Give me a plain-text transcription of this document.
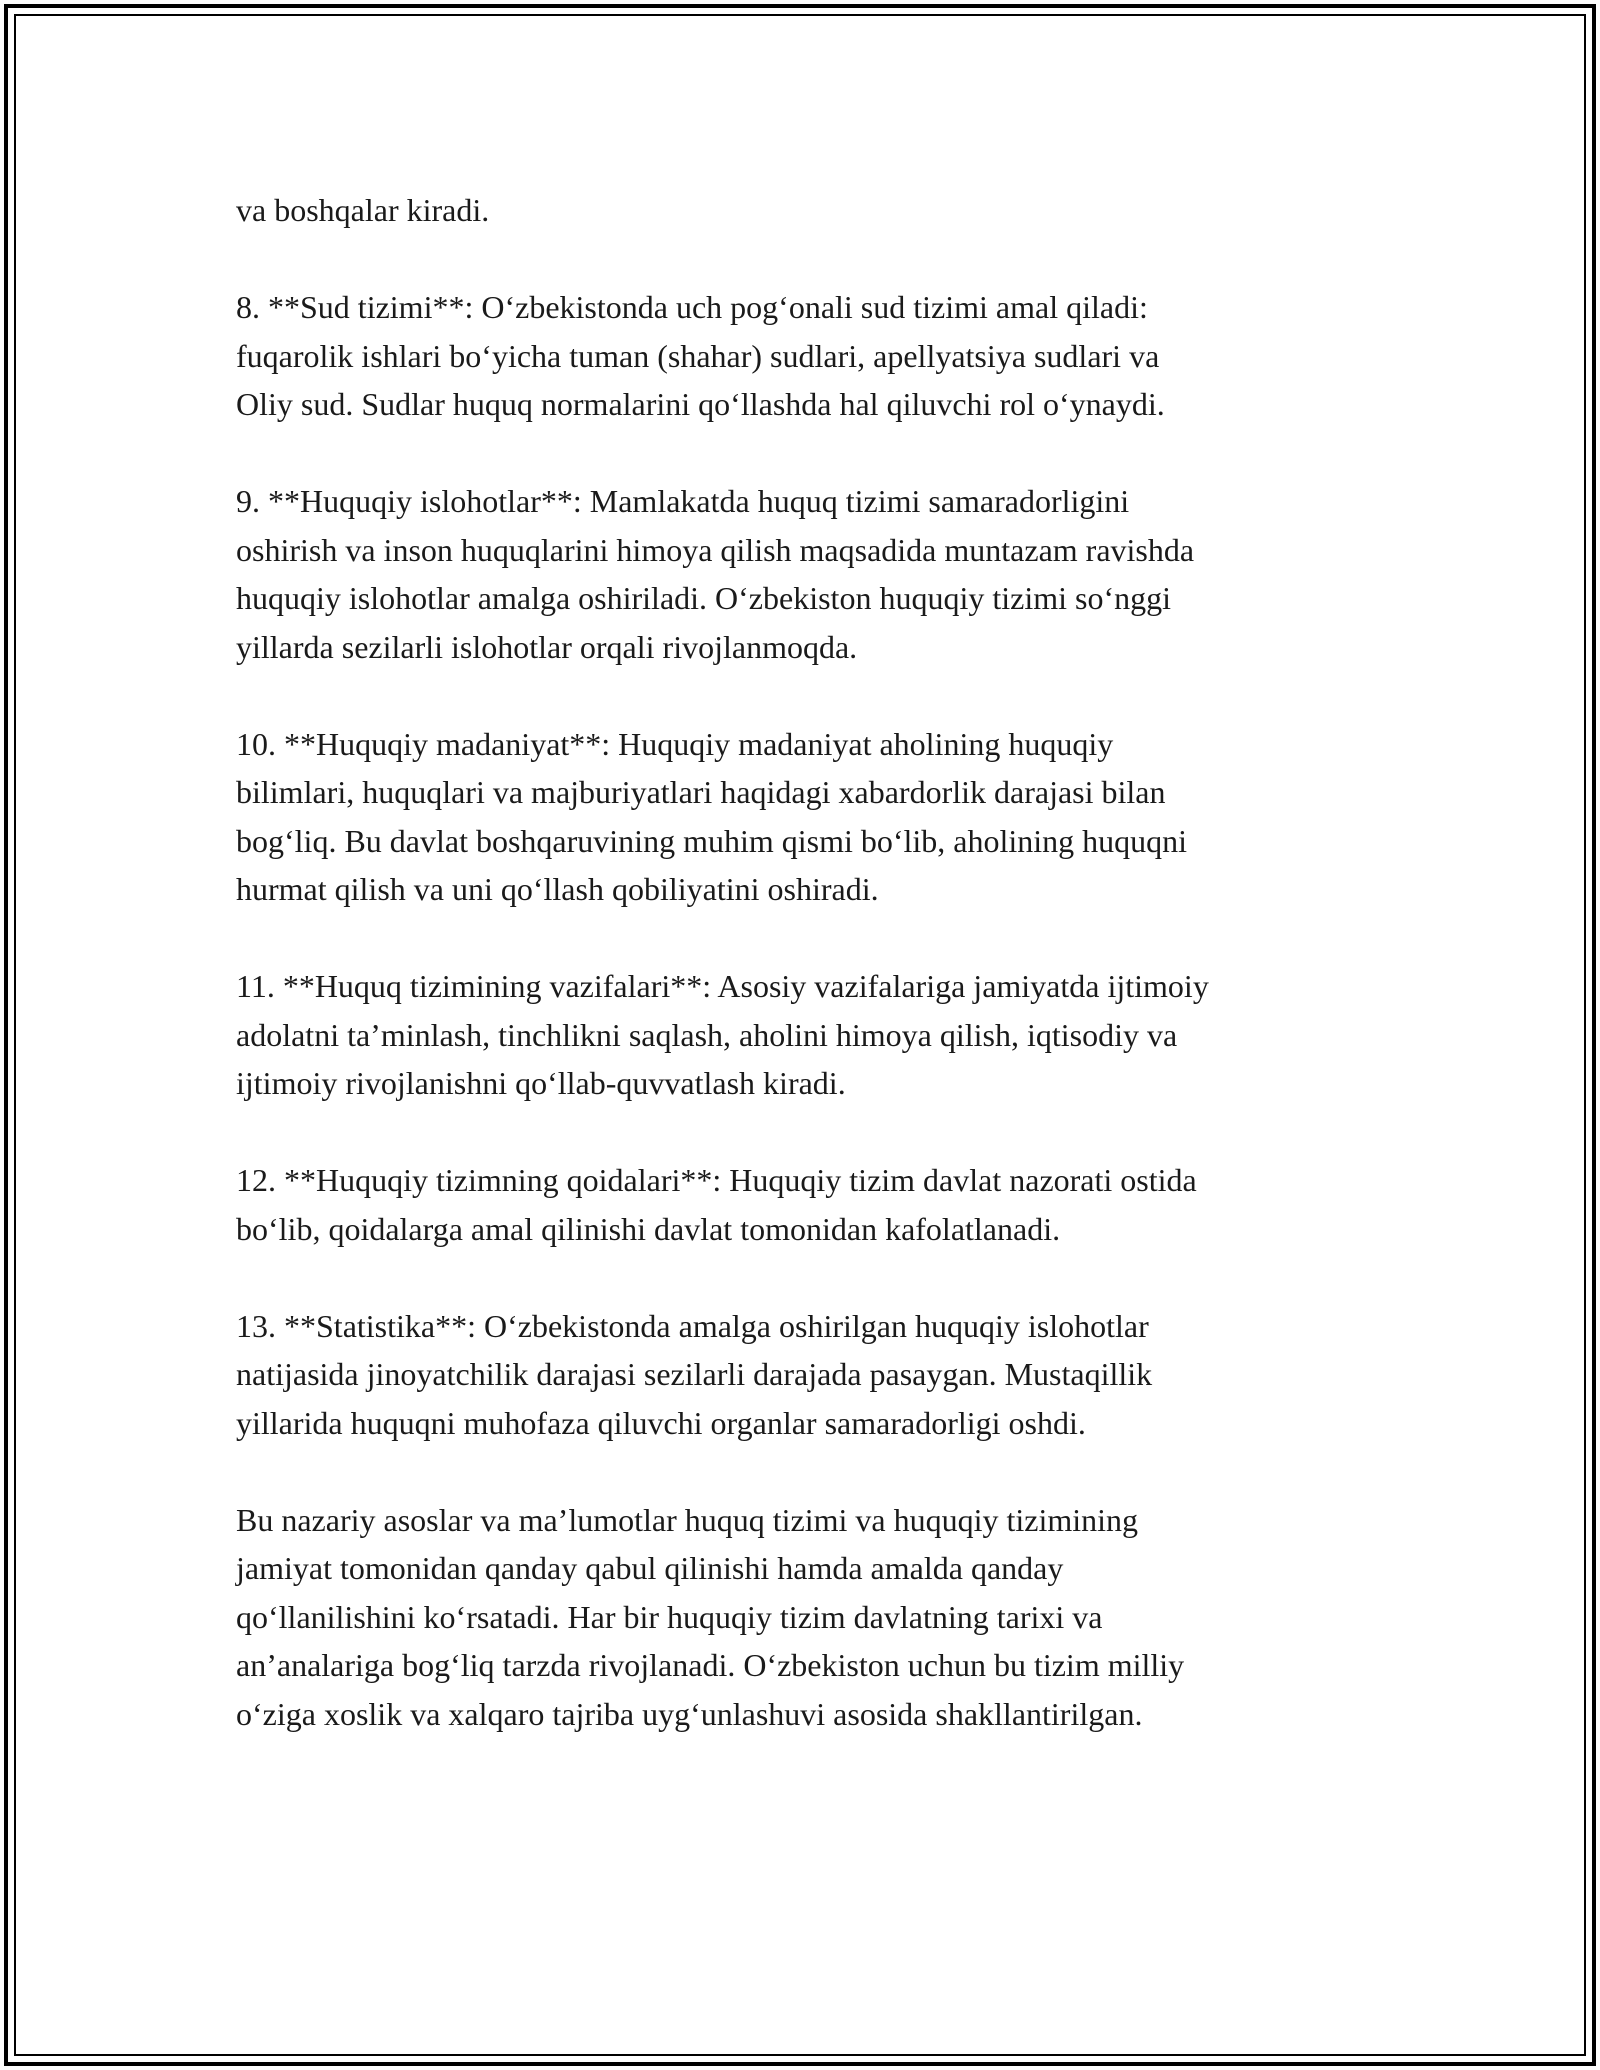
va boshqalar kiradi.

8. **Sud tizimi**: O‘zbekistonda uch pog‘onali sud tizimi amal qiladi:
fuqarolik ishlari bo‘yicha tuman (shahar) sudlari, apellyatsiya sudlari va
Oliy sud. Sudlar huquq normalarini qo‘llashda hal qiluvchi rol o‘ynaydi.

9. **Huquqiy islohotlar**: Mamlakatda huquq tizimi samaradorligini
oshirish va inson huquqlarini himoya qilish maqsadida muntazam ravishda
huquqiy islohotlar amalga oshiriladi. O‘zbekiston huquqiy tizimi so‘nggi
yillarda sezilarli islohotlar orqali rivojlanmoqda.

10. **Huquqiy madaniyat**: Huquqiy madaniyat aholining huquqiy
bilimlari, huquqlari va majburiyatlari haqidagi xabardorlik darajasi bilan
bog‘liq. Bu davlat boshqaruvining muhim qismi bo‘lib, aholining huquqni
hurmat qilish va uni qo‘llash qobiliyatini oshiradi.

11. **Huquq tizimining vazifalari**: Asosiy vazifalariga jamiyatda ijtimoiy
adolatni ta’minlash, tinchlikni saqlash, aholini himoya qilish, iqtisodiy va
ijtimoiy rivojlanishni qo‘llab-quvvatlash kiradi.

12. **Huquqiy tizimning qoidalari**: Huquqiy tizim davlat nazorati ostida
bo‘lib, qoidalarga amal qilinishi davlat tomonidan kafolatlanadi.

13. **Statistika**: O‘zbekistonda amalga oshirilgan huquqiy islohotlar
natijasida jinoyatchilik darajasi sezilarli darajada pasaygan. Mustaqillik
yillarida huquqni muhofaza qiluvchi organlar samaradorligi oshdi.

Bu nazariy asoslar va ma’lumotlar huquq tizimi va huquqiy tizimining
jamiyat tomonidan qanday qabul qilinishi hamda amalda qanday
qo‘llanilishini ko‘rsatadi. Har bir huquqiy tizim davlatning tarixi va
an’analariga bog‘liq tarzda rivojlanadi. O‘zbekiston uchun bu tizim milliy
o‘ziga xoslik va xalqaro tajriba uyg‘unlashuvi asosida shakllantirilgan.
